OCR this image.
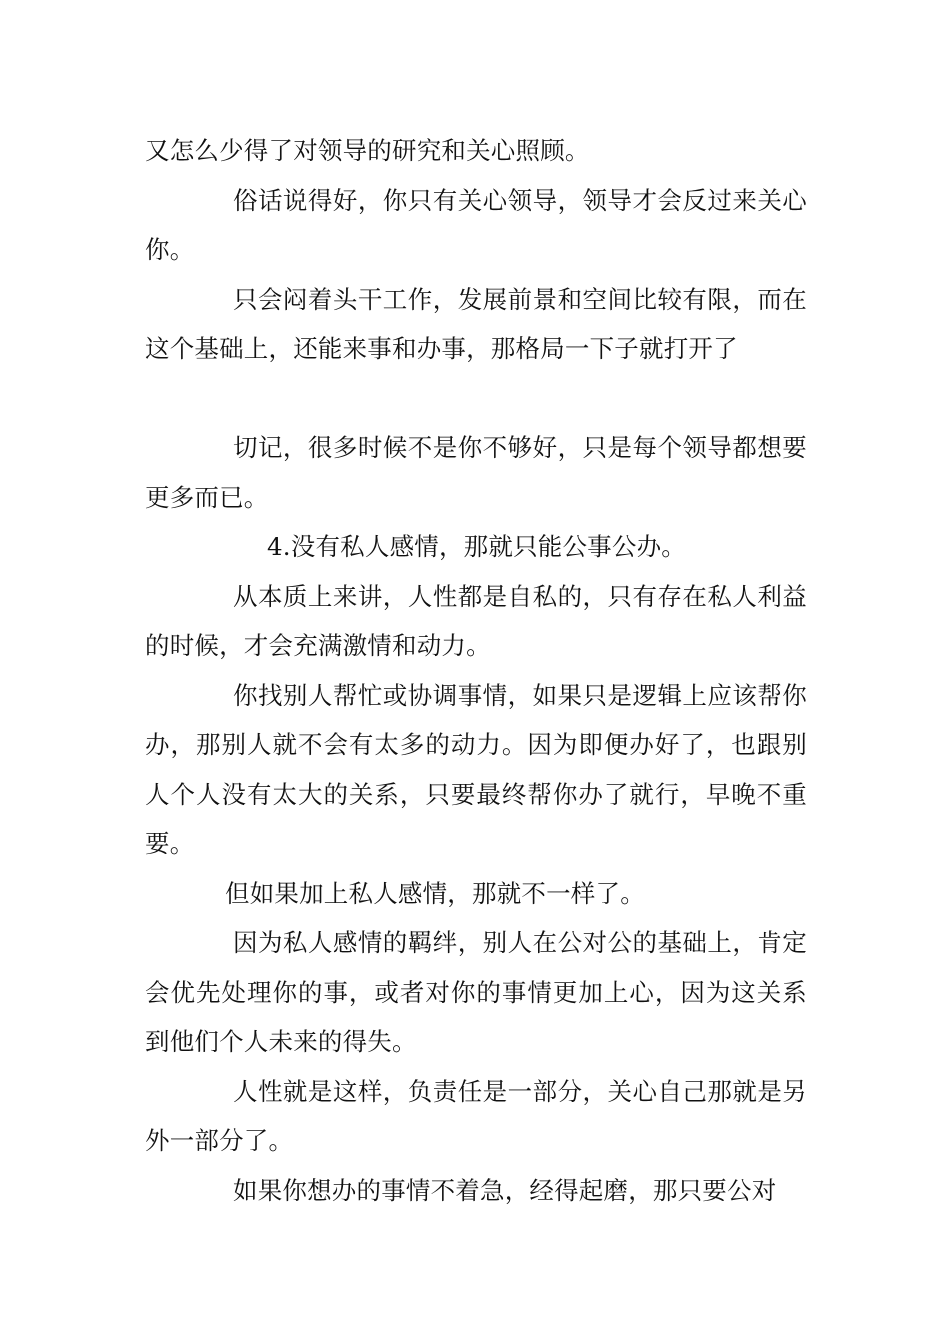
又怎么少得了对领导的研究和关心照顾。

俗话说得好，你只有关心领导，领导才会反过来关心你。

只会闷着头干工作，发展前景和空间比较有限，而在这个基础上，还能来事和办事，那格局一下子就打开了

切记，很多时候不是你不够好，只是每个领导都想要更多而已。

4.没有私人感情，那就只能公事公办。

从本质上来讲，人性都是自私的，只有存在私人利益的时候，才会充满激情和动力。

你找别人帮忙或协调事情，如果只是逻辑上应该帮你办，那别人就不会有太多的动力。因为即便办好了，也跟别人个人没有太大的关系，只要最终帮你办了就行，早晚不重要。

但如果加上私人感情，那就不一样了。

因为私人感情的羁绊，别人在公对公的基础上，肯定会优先处理你的事，或者对你的事情更加上心，因为这关系到他们个人未来的得失。

人性就是这样，负责任是一部分，关心自己那就是另外一部分了。

如果你想办的事情不着急，经得起磨，那只要公对
